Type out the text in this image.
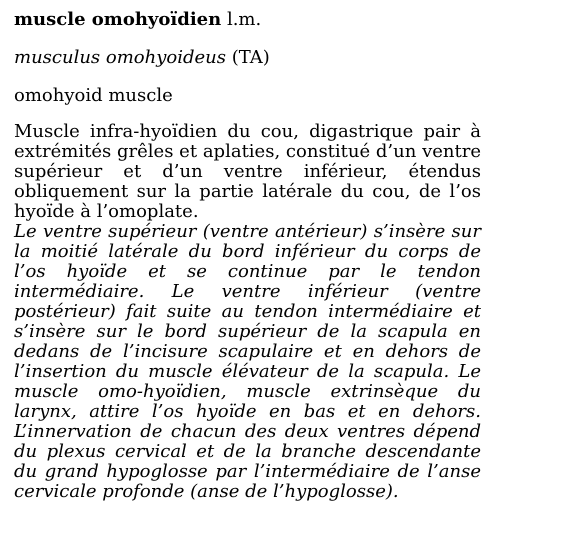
muscle omohyoïdien l.m.

musculus omohyoideus (TA)

omohyoid muscle

Muscle infra-hyoïdien du cou, digastrique pair à extrémités grêles et aplaties, constitué d’un ventre supérieur et d’un ventre inférieur, étendus obliquement sur la partie latérale du cou, de l’os hyoïde à l’omoplate.

Le ventre supérieur (ventre antérieur) s’insère sur la moitié latérale du bord inférieur du corps de l’os hyoïde et se continue par le tendon intermédiaire. Le ventre inférieur (ventre postérieur) fait suite au tendon intermédiaire et s’insère sur le bord supérieur de la scapula en dedans de l’incisure scapulaire et en dehors de l’insertion du muscle élévateur de la scapula. Le muscle omo-hyoïdien, muscle extrinsèque du larynx, attire l’os hyoïde en bas et en dehors. L’innervation de chacun des deux ventres dépend du plexus cervical et de la branche descendante du grand hypoglosse par l’intermédiaire de l’anse cervicale profonde (anse de l’hypoglosse).
